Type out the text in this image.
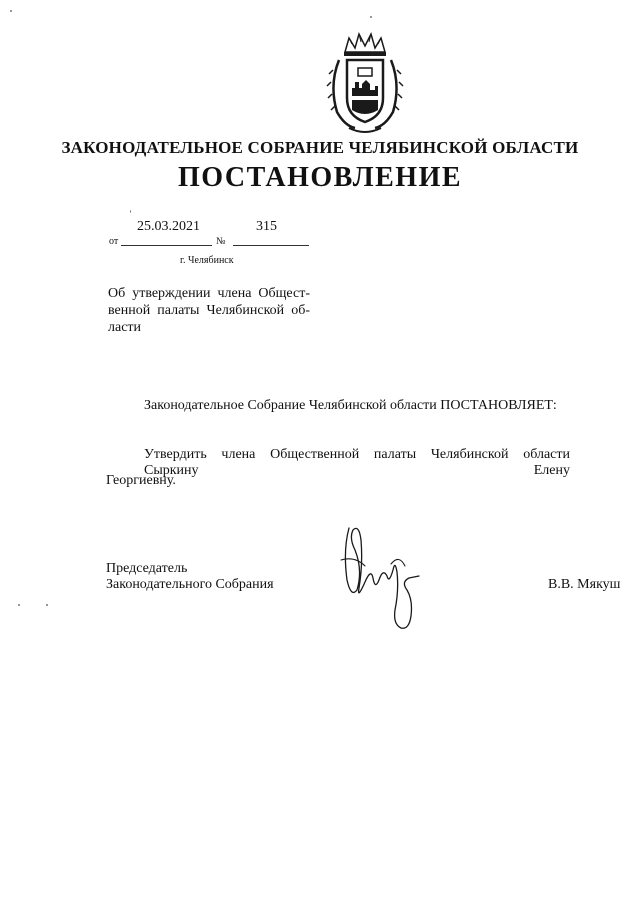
ЗАКОНОДАТЕЛЬНОЕ СОБРАНИЕ ЧЕЛЯБИНСКОЙ ОБЛАСТИ
ПОСТАНОВЛЕНИЕ
25.03.2021	315
от	№
г. Челябинск
Об утверждении члена Общест-
венной палаты Челябинской об-
ласти
Законодательное Собрание Челябинской области ПОСТАНОВЛЯЕТ:
Утвердить члена Общественной палаты Челябинской области Сыркину Елену
Георгиевну.
Председатель
Законодательного Собрания	В.В. Мякуш
